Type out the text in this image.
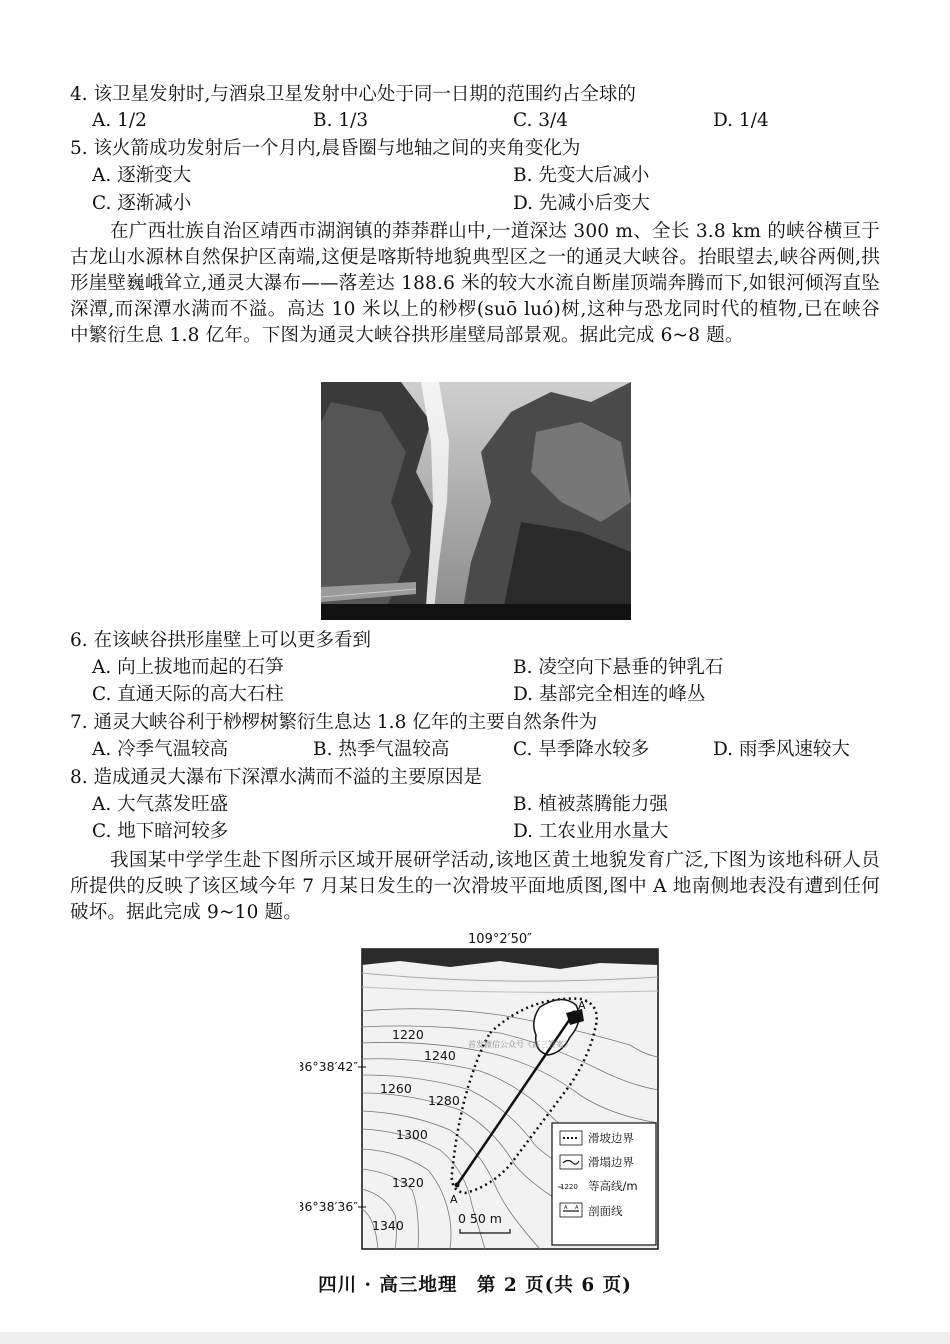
4. 该卫星发射时,与酒泉卫星发射中心处于同一日期的范围约占全球的
A. 1/2	B. 1/3	C. 3/4	D. 1/4
5. 该火箭成功发射后一个月内,晨昏圈与地轴之间的夹角变化为
A. 逐渐变大	B. 先变大后减小
C. 逐渐减小	D. 先减小后变大
在广西壮族自治区靖西市湖润镇的莽莽群山中,一道深达 300 m、全长 3.8 km 的峡谷横亘于古龙山水源林自然保护区南端,这便是喀斯特地貌典型区之一的通灵大峡谷。抬眼望去,峡谷两侧,拱形崖壁巍峨耸立,通灵大瀑布——落差达 188.6 米的较大水流自断崖顶端奔腾而下,如银河倾泻直坠深潭,而深潭水满而不溢。高达 10 米以上的桫椤(suō luó)树,这种与恐龙同时代的植物,已在峡谷中繁衍生息 1.8 亿年。下图为通灵大峡谷拱形崖壁局部景观。据此完成 6~8 题。
6. 在该峡谷拱形崖壁上可以更多看到
A. 向上拔地而起的石笋	B. 凌空向下悬垂的钟乳石
C. 直通天际的高大石柱	D. 基部完全相连的峰丛
7. 通灵大峡谷利于桫椤树繁衍生息达 1.8 亿年的主要自然条件为
A. 冷季气温较高	B. 热季气温较高	C. 旱季降水较多	D. 雨季风速较大
8. 造成通灵大瀑布下深潭水满而不溢的主要原因是
A. 大气蒸发旺盛	B. 植被蒸腾能力强
C. 地下暗河较多	D. 工农业用水量大
我国某中学学生赴下图所示区域开展研学活动,该地区黄土地貌发育广泛,下图为该地科研人员所提供的反映了该区域今年 7 月某日发生的一次滑坡平面地质图,图中 A 地南侧地表没有遭到任何破坏。据此完成 9~10 题。
109°2′50″
A
A′
1220
1240
1260
1280
1300
1320
1340
首发微信公众号《高三答案》
36°38′42″
36°38′36″
0 50 m
滑坡边界
滑塌边界
1220 等高线/m
A A 剖面线
四川 · 高三地理　第 2 页(共 6 页)
